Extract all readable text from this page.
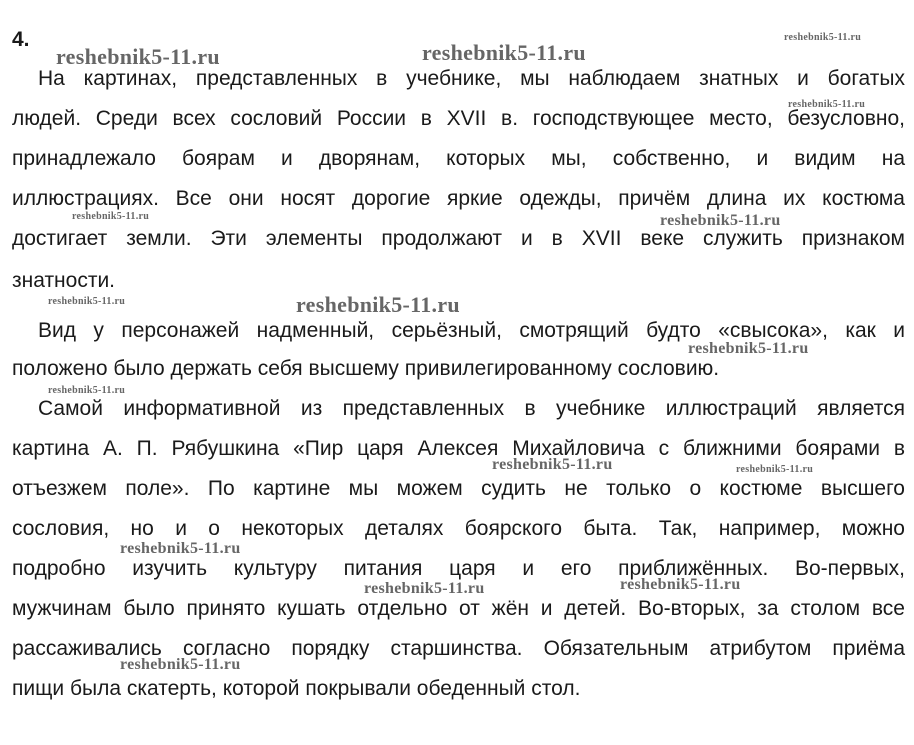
4.
На картинах, представленных в учебнике, мы наблюдаем знатных и богатых
людей. Среди всех сословий России в XVII в. господствующее место, безусловно,
принадлежало боярам и дворянам, которых мы, собственно, и видим на
иллюстрациях. Все они носят дорогие яркие одежды, причём длина их костюма
достигает земли. Эти элементы продолжают и в XVII веке служить признаком
знатности.
Вид у персонажей надменный, серьёзный, смотрящий будто «свысока», как и
положено было держать себя высшему привилегированному сословию.
Самой информативной из представленных в учебнике иллюстраций является
картина А. П. Рябушкина «Пир царя Алексея Михайловича с ближними боярами в
отъезжем поле». По картине мы можем судить не только о костюме высшего
сословия, но и о некоторых деталях боярского быта. Так, например, можно
подробно изучить культуру питания царя и его приближённых. Во-первых,
мужчинам было принято кушать отдельно от жён и детей. Во-вторых, за столом все
рассаживались согласно порядку старшинства. Обязательным атрибутом приёма
пищи была скатерть, которой покрывали обеденный стол.
reshebnik5-11.ru	reshebnik5-11.ru
reshebnik5-11.ru
reshebnik5-11.ru
reshebnik5-11.ru	reshebnik5-11.ru
reshebnik5-11.ru	reshebnik5-11.ru
reshebnik5-11.ru
reshebnik5-11.ru
reshebnik5-11.ru	reshebnik5-11.ru
reshebnik5-11.ru
reshebnik5-11.ru	reshebnik5-11.ru
reshebnik5-11.ru
